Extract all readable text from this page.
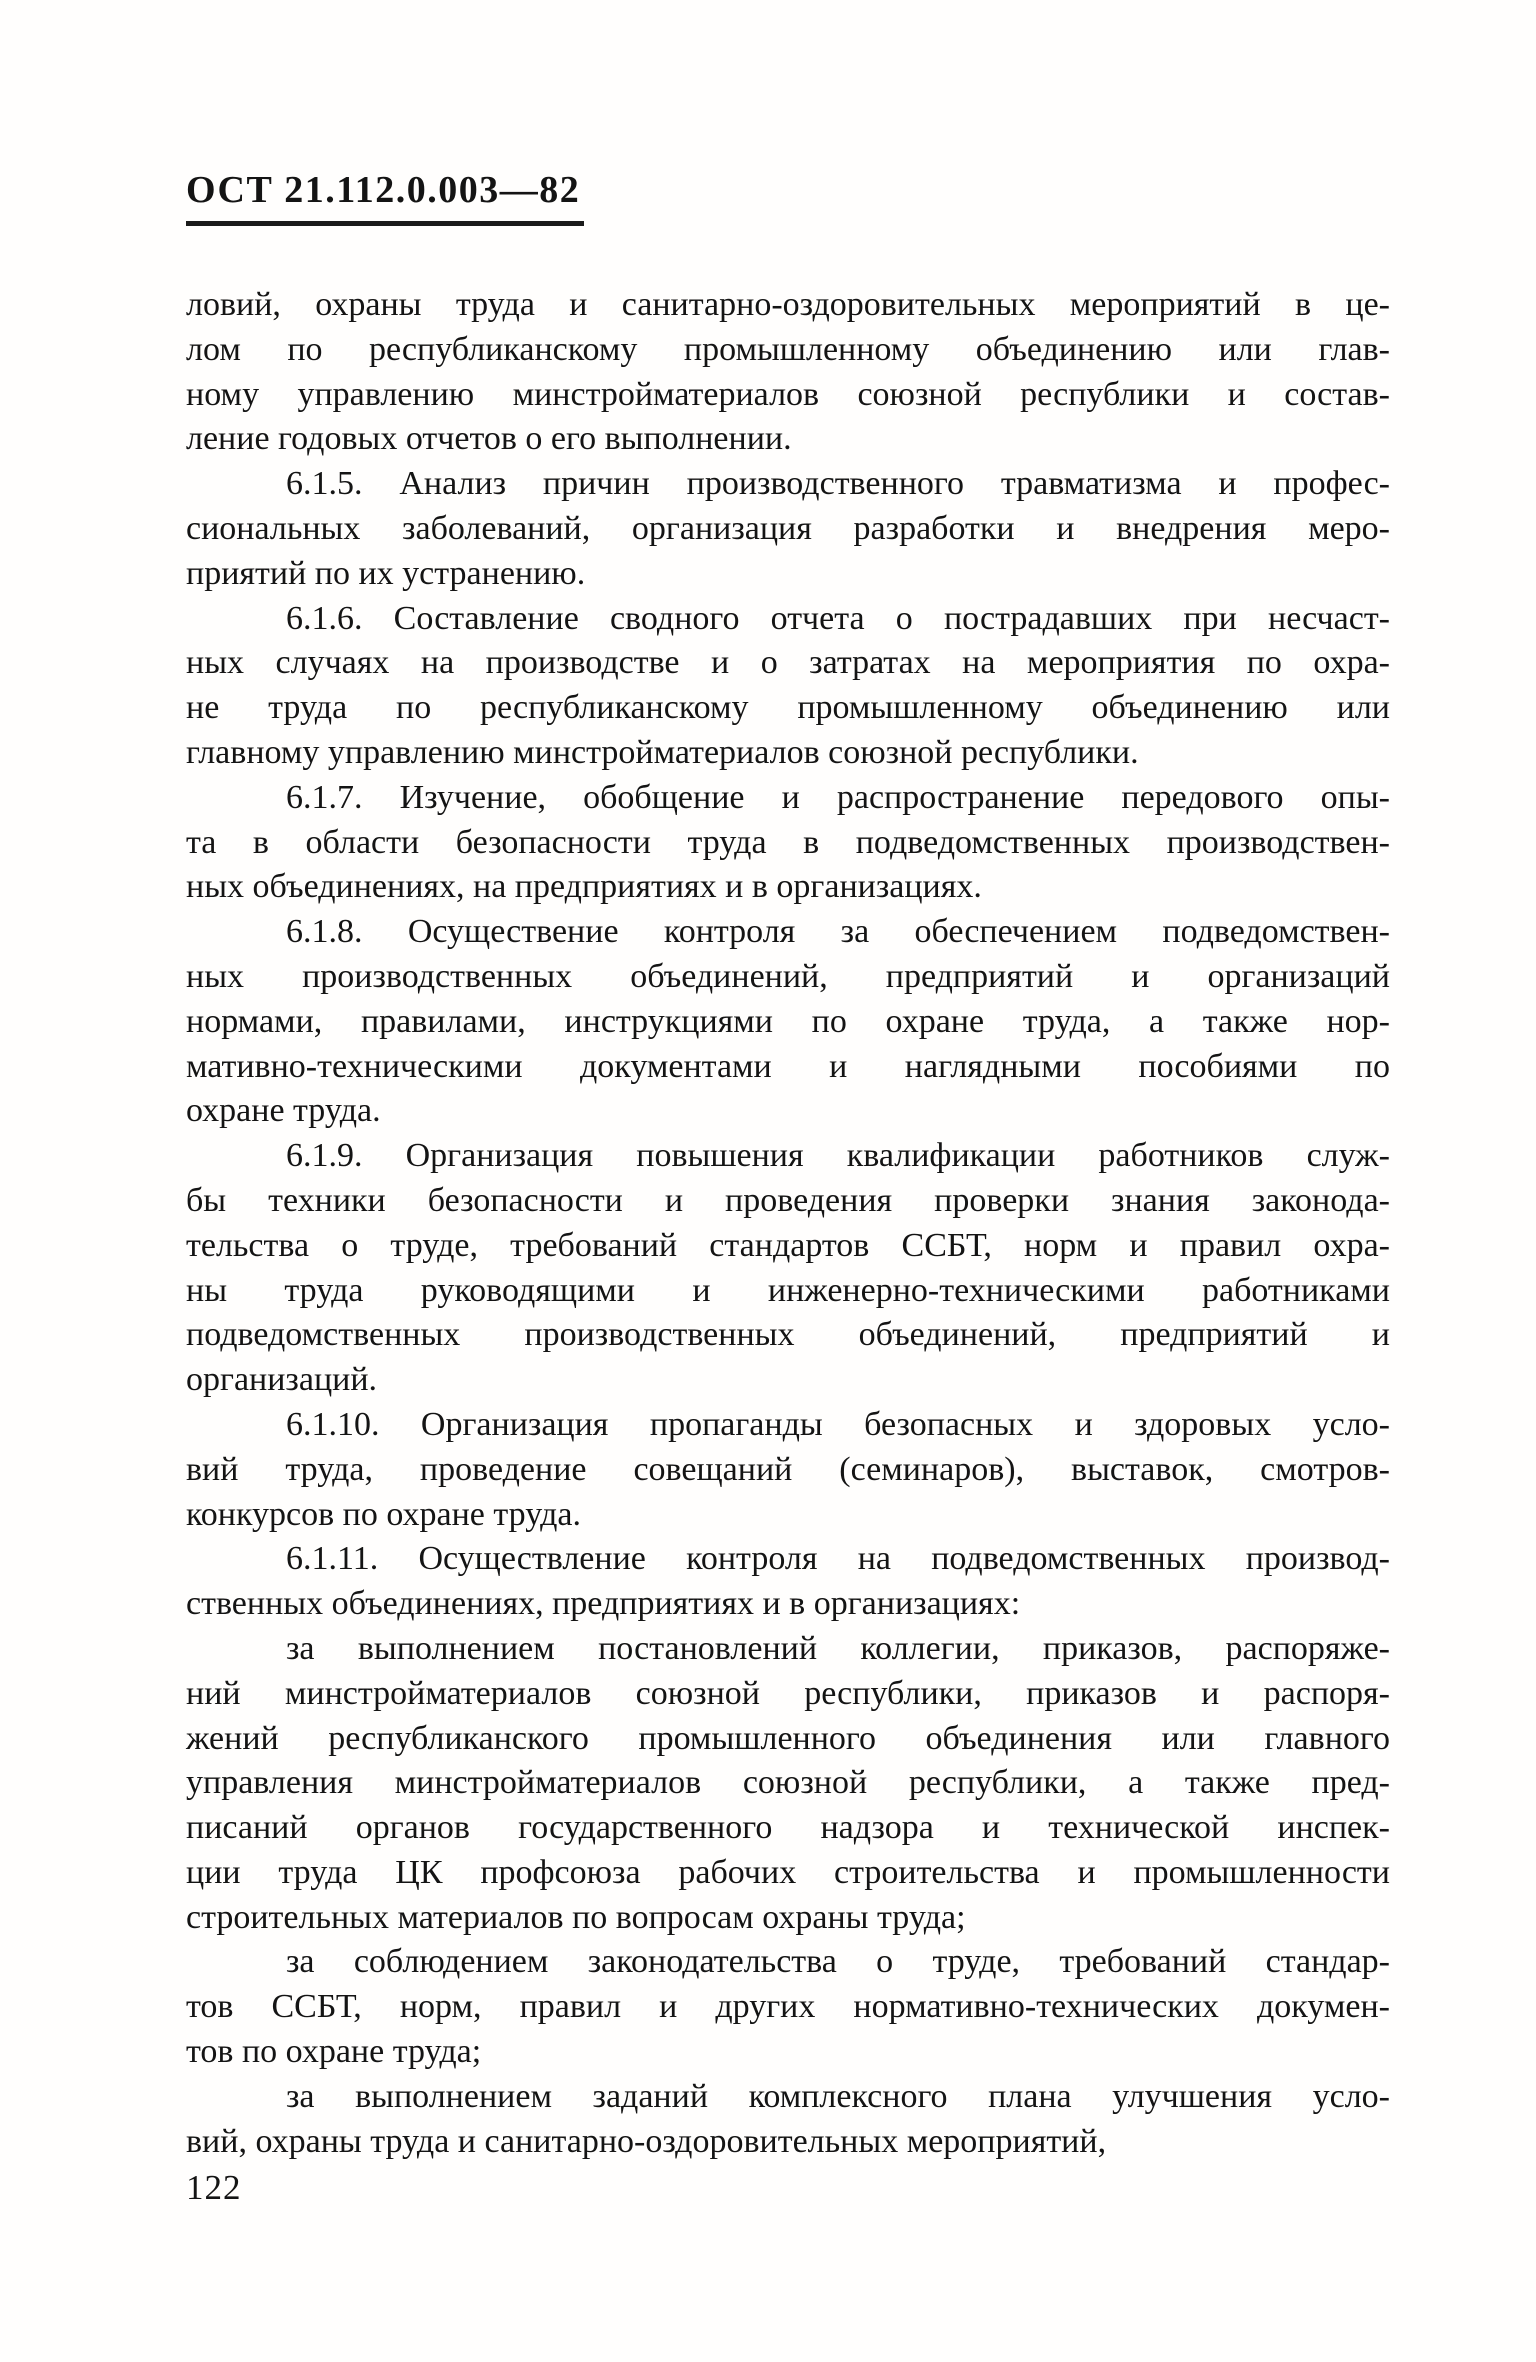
ОСТ 21.112.0.003—82
ловий, охраны труда и санитарно-оздоровительных мероприятий в це-
лом по республиканскому промышленному объединению или глав-
ному управлению минстройматериалов союзной республики и состав-
ление годовых отчетов о его выполнении.
6.1.5. Анализ причин производственного травматизма и профес-
сиональных заболеваний, организация разработки и внедрения меро-
приятий по их устранению.
6.1.6. Составление сводного отчета о пострадавших при несчаст-
ных случаях на производстве и о затратах на мероприятия по охра-
не труда по республиканскому промышленному объединению или
главному управлению минстройматериалов союзной республики.
6.1.7. Изучение, обобщение и распространение передового опы-
та в области безопасности труда в подведомственных производствен-
ных объединениях, на предприятиях и в организациях.
6.1.8. Осуществение контроля за обеспечением подведомствен-
ных производственных объединений, предприятий и организаций
нормами, правилами, инструкциями по охране труда, а также нор-
мативно-техническими документами и наглядными пособиями по
охране труда.
6.1.9. Организация повышения квалификации работников служ-
бы техники безопасности и проведения проверки знания законода-
тельства о труде, требований стандартов ССБТ, норм и правил охра-
ны труда руководящими и инженерно-техническими работниками
подведомственных производственных объединений, предприятий и
организаций.
6.1.10. Организация пропаганды безопасных и здоровых усло-
вий труда, проведение совещаний (семинаров), выставок, смотров-
конкурсов по охране труда.
6.1.11. Осуществление контроля на подведомственных производ-
ственных объединениях, предприятиях и в организациях:
за выполнением постановлений коллегии, приказов, распоряже-
ний минстройматериалов союзной республики, приказов и распоря-
жений республиканского промышленного объединения или главного
управления минстройматериалов союзной республики, а также пред-
писаний органов государственного надзора и технической инспек-
ции труда ЦК профсоюза рабочих строительства и промышленности
строительных материалов по вопросам охраны труда;
за соблюдением законодательства о труде, требований стандар-
тов ССБТ, норм, правил и других нормативно-технических докумен-
тов по охране труда;
за выполнением заданий комплексного плана улучшения усло-
вий, охраны труда и санитарно-оздоровительных мероприятий,
122
